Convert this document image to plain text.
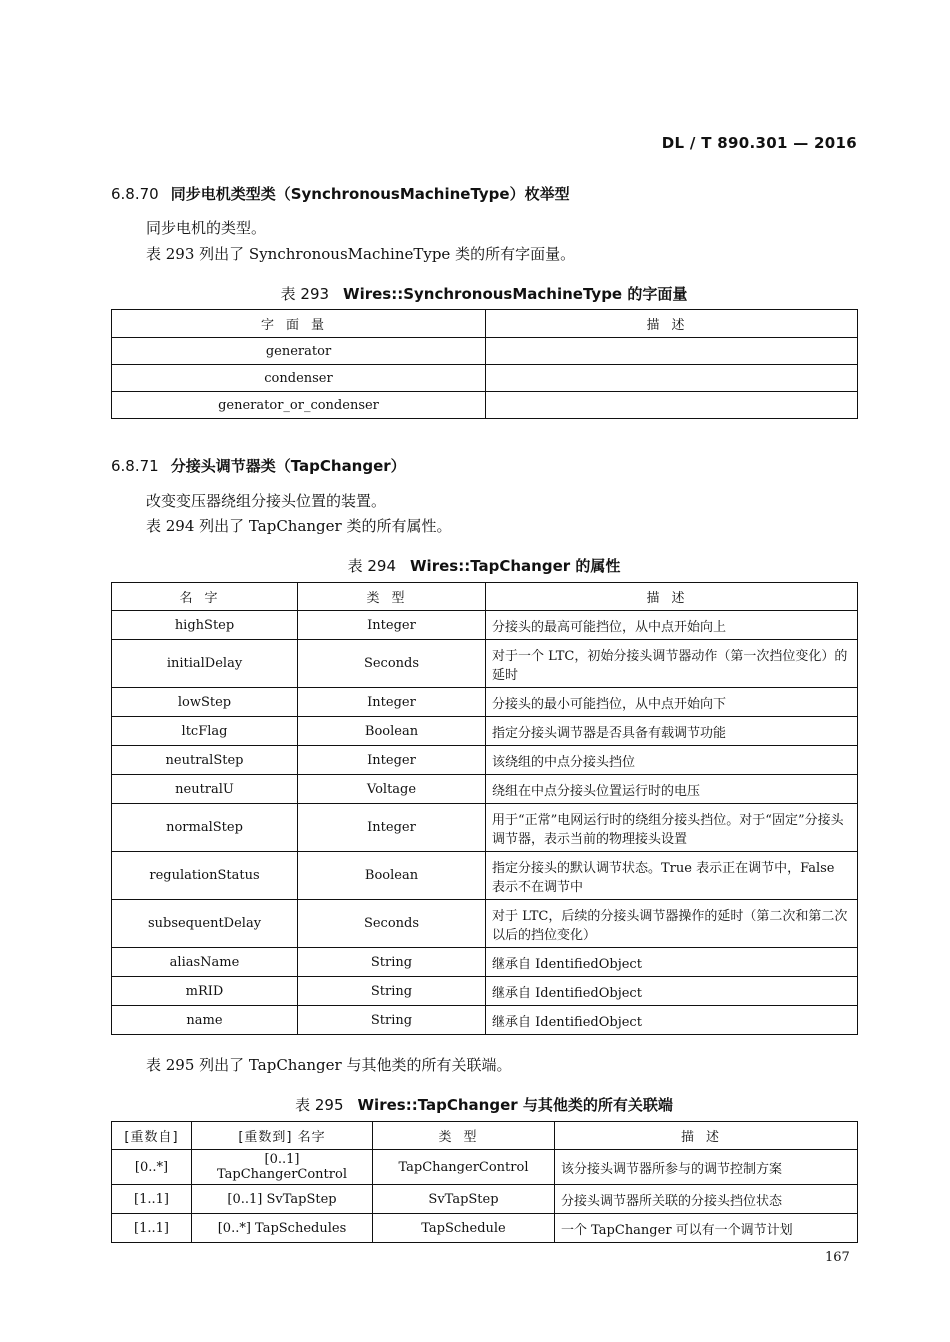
DL / T 890.301 — 2016
6.8.70 同步电机类型类（SynchronousMachineType）枚举型
同步电机的类型。
表 293 列出了 SynchronousMachineType 类的所有字面量。
表 293 Wires::SynchronousMachineType 的字面量
字面量	描述
generator	
condenser	
generator_or_condenser	
6.8.71 分接头调节器类（TapChanger）
改变变压器绕组分接头位置的装置。
表 294 列出了 TapChanger 类的所有属性。
表 294 Wires::TapChanger 的属性
名字	类型	描述
highStep	Integer	分接头的最高可能挡位，从中点开始向上
initialDelay	Seconds	对于一个 LTC，初始分接头调节器动作（第一次挡位变化）的延时
lowStep	Integer	分接头的最小可能挡位，从中点开始向下
ltcFlag	Boolean	指定分接头调节器是否具备有载调节功能
neutralStep	Integer	该绕组的中点分接头挡位
neutralU	Voltage	绕组在中点分接头位置运行时的电压
normalStep	Integer	用于“正常”电网运行时的绕组分接头挡位。对于“固定”分接头调节器，表示当前的物理接头设置
regulationStatus	Boolean	指定分接头的默认调节状态。True 表示正在调节中，False 表示不在调节中
subsequentDelay	Seconds	对于 LTC，后续的分接头调节器操作的延时（第二次和第二次以后的挡位变化）
aliasName	String	继承自 IdentifiedObject
mRID	String	继承自 IdentifiedObject
name	String	继承自 IdentifiedObject
表 295 列出了 TapChanger 与其他类的所有关联端。
表 295 Wires::TapChanger 与其他类的所有关联端
[重数自]	[重数到] 名字	类型	描述
[0..*]	[0..1] TapChangerControl	TapChangerControl	该分接头调节器所参与的调节控制方案
[1..1]	[0..1] SvTapStep	SvTapStep	分接头调节器所关联的分接头挡位状态
[1..1]	[0..*] TapSchedules	TapSchedule	一个 TapChanger 可以有一个调节计划
167
